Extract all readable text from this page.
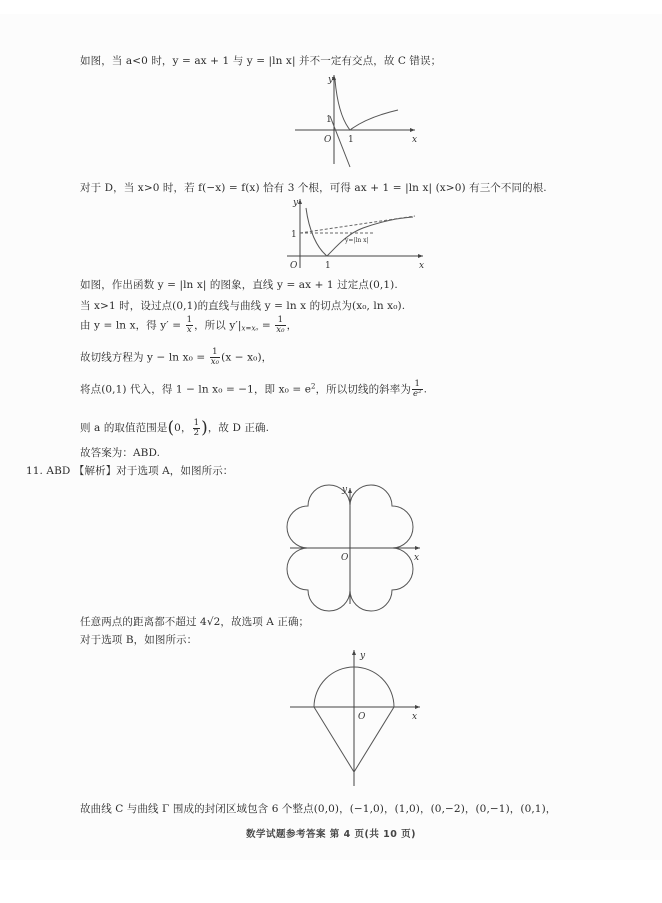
如图，当 a<0 时，y = ax + 1 与 y = |ln x| 并不一定有交点，故 C 错误；
y
x
O
1
1
对于 D，当 x>0 时，若 f(−x) = f(x) 恰有 3 个根，可得 ax + 1 = |ln x| (x>0) 有三个不同的根.
y
x
O
1
1
y=|ln x|
如图，作出函数 y = |ln x| 的图象，直线 y = ax + 1 过定点(0,1).
当 x>1 时，设过点(0,1)的直线与曲线 y = ln x 的切点为(x₀, ln x₀).
由 y = ln x，得 $y' = \frac{1}{x}$ ，所以 $y'|_{x=x_0} = \frac{1}{\text{x₀}}$ ，
故切线方程为 $y - \ln x_0 = \frac{1}{\text{x₀}} (x - x_0)$，
将点(0,1) 代入，得 1 − ln x₀ = −1，即 $x_0 = e^2$，所以切线的斜率为 $\frac{1}{\text{e²}}$ .
则 a 的取值范围是(0， $\frac{1}{2}$ )，故 D 正确.
故答案为：ABD.
11. ABD 【解析】对于选项 A，如图所示：
y
x
O
任意两点的距离都不超过 4√2，故选项 A 正确；
对于选项 B，如图所示：
y
x
O
故曲线 C 与曲线 Γ 围成的封闭区域包含 6 个整点(0,0)，(−1,0)，(1,0)，(0,−2)，(0,−1)，(0,1)，
数学试题参考答案 第 4 页(共 10 页)
